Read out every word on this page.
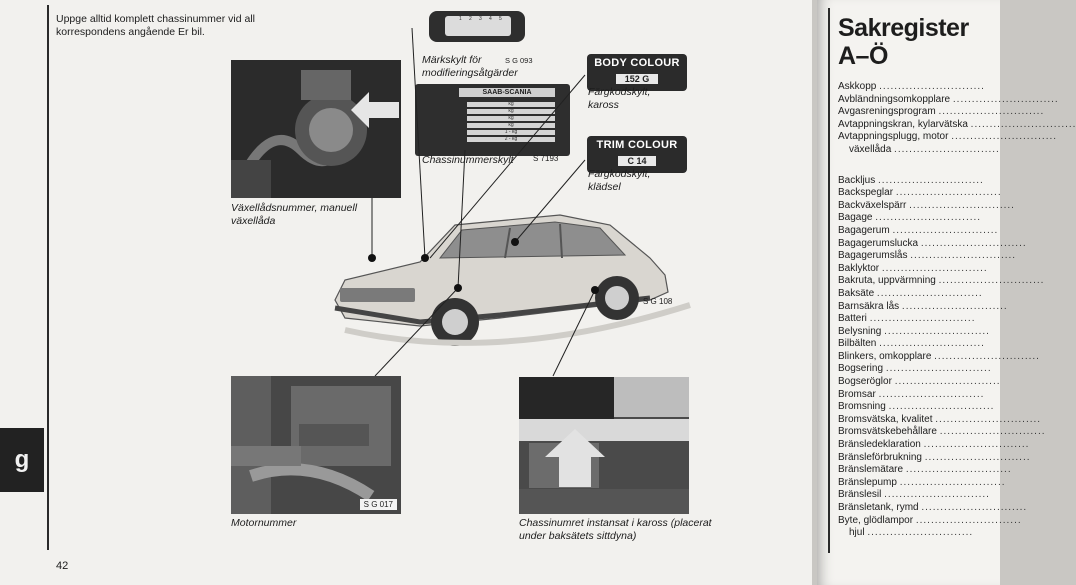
Uppge alltid komplett chassinummer vid all korrespondens angående Er bil.
Växellådsnummer, manuell växellåda
1 2 3 4 5
Märkskylt för modifieringsåtgärder
S G 093
SAAB-SCANIA
kg
kg
kg
kg
1 - kg
2 - kg
Chassinummerskylt S 7193
BODY COLOUR
152 G
Färgkodskylt, kaross
TRIM COLOUR
C 14
Färgkodskylt, klädsel
S G 108
S G 017
Motornummer	Chassinumret instansat i kaross (placerat under baksätets sittdyna)
g
42
Sakregister
A–Ö
Askkopp ............................
Avbländningsomkopplare ............................
Avgasreningsprogram ............................
Avtappningskran, kylarvätska ............................
Avtappningsplugg, motor ............................
växellåda ............................
Backljus ............................
Backspeglar ............................
Backväxelspärr ............................
Bagage ............................
Bagagerum ............................
Bagagerumslucka ............................
Bagagerumslås ............................
Baklyktor ............................
Bakruta, uppvärmning ............................
Baksäte ............................
Barnsäkra lås ............................
Batteri ............................
Belysning ............................
Bilbälten ............................
Blinkers, omkopplare ............................
Bogsering ............................
Bogseröglor ............................
Bromsar ............................
Bromsning ............................
Bromsvätska, kvalitet ............................
Bromsvätskebehållare ............................
Bränsledeklaration ............................
Bränsleförbrukning ............................
Bränslemätare ............................
Bränslepump ............................
Bränslesil ............................
Bränsletank, rymd ............................
Byte, glödlampor ............................
hjul ............................
